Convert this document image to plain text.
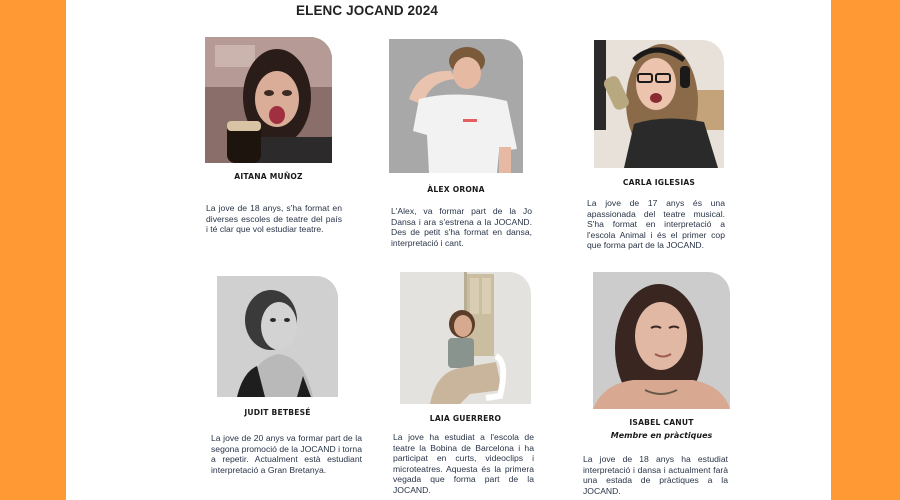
ELENC JOCAND 2024
AITANA MUÑOZ
La jove de 18 anys, s'ha format en diverses escoles de teatre del país i té clar que vol estudiar teatre.
ÀLEX ORONA
L'Alex, va formar part de la Jo Dansa i ara s'estrena a la JOCAND. Des de petit s'ha format en dansa, interpretació i cant.
CARLA IGLESIAS
La jove de 17 anys és una apassionada del teatre musical. S'ha format en interpretació a l'escola Animal i és el primer cop que forma part de la JOCAND.
JUDIT BETBESÉ
La jove de 20 anys va formar part de la segona promoció de la JOCAND i torna a repetir. Actualment està estudiant interpretació a Gran Bretanya.
LAIA GUERRERO
La jove ha estudiat a l'escola de teatre la Bobina de Barcelona i ha participat en curts, videoclips i microteatres. Aquesta és la primera vegada que forma part de la JOCAND.
ISABEL CANUT
Membre en pràctiques
La jove de 18 anys ha estudiat interpretació i dansa i actualment farà una estada de pràctiques a la JOCAND.
